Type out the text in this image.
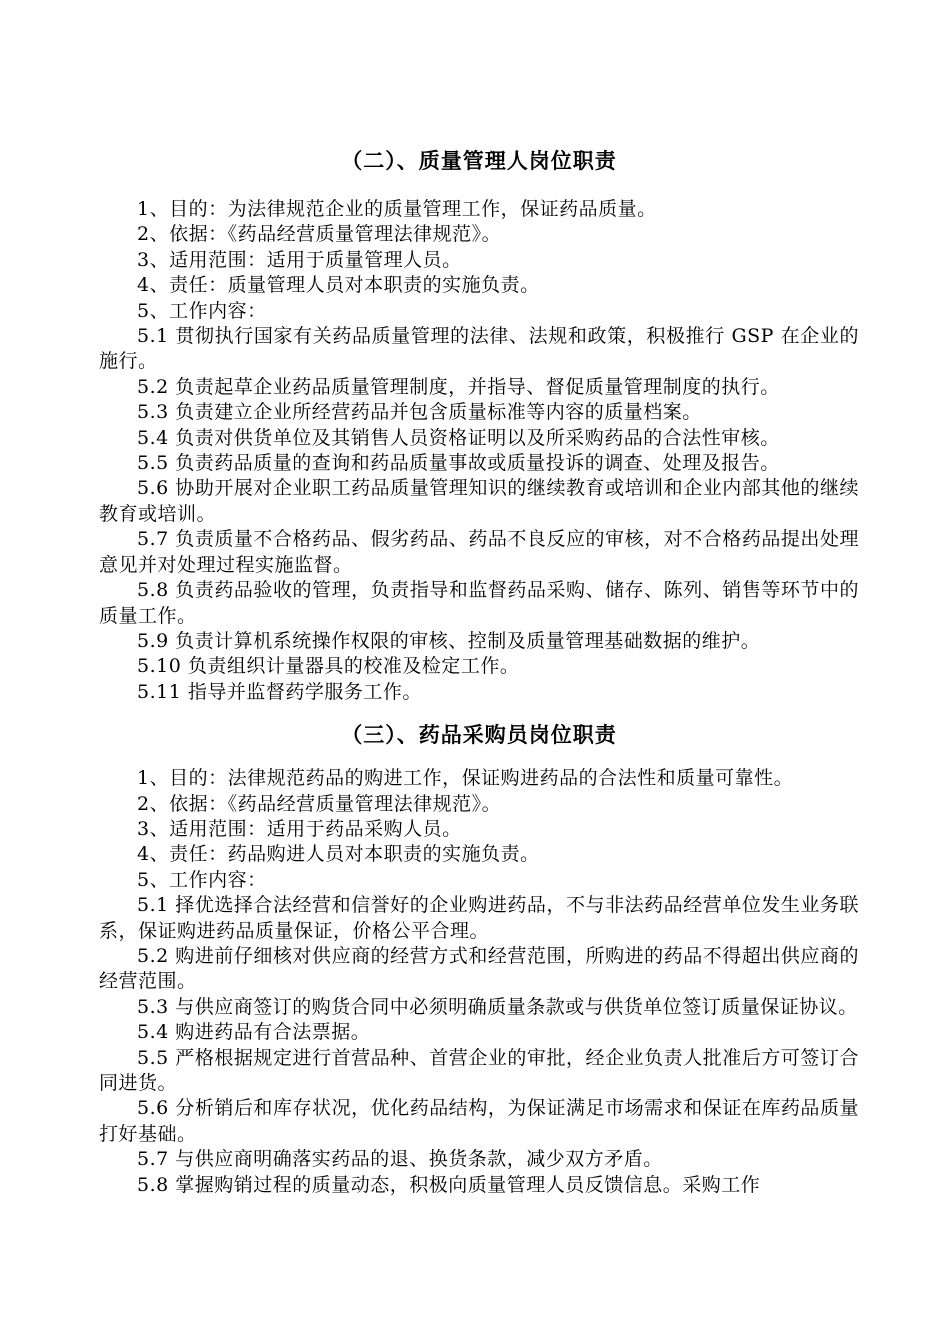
（二）、质量管理人岗位职责

1、目的：为法律规范企业的质量管理工作，保证药品质量。

2、依据：《药品经营质量管理法律规范》。

3、适用范围：适用于质量管理人员。

4、责任：质量管理人员对本职责的实施负责。

5、工作内容：

5.1 贯彻执行国家有关药品质量管理的法律、法规和政策，积极推行 GSP 在企业的施行。

5.2 负责起草企业药品质量管理制度，并指导、督促质量管理制度的执行。

5.3 负责建立企业所经营药品并包含质量标准等内容的质量档案。

5.4 负责对供货单位及其销售人员资格证明以及所采购药品的合法性审核。

5.5 负责药品质量的查询和药品质量事故或质量投诉的调查、处理及报告。

5.6 协助开展对企业职工药品质量管理知识的继续教育或培训和企业内部其他的继续教育或培训。

5.7 负责质量不合格药品、假劣药品、药品不良反应的审核，对不合格药品提出处理意见并对处理过程实施监督。

5.8 负责药品验收的管理，负责指导和监督药品采购、储存、陈列、销售等环节中的质量工作。

5.9 负责计算机系统操作权限的审核、控制及质量管理基础数据的维护。

5.10 负责组织计量器具的校准及检定工作。

5.11 指导并监督药学服务工作。

（三）、药品采购员岗位职责

1、目的：法律规范药品的购进工作，保证购进药品的合法性和质量可靠性。

2、依据：《药品经营质量管理法律规范》。

3、适用范围：适用于药品采购人员。

4、责任：药品购进人员对本职责的实施负责。

5、工作内容：

5.1 择优选择合法经营和信誉好的企业购进药品，不与非法药品经营单位发生业务联系，保证购进药品质量保证，价格公平合理。

5.2 购进前仔细核对供应商的经营方式和经营范围，所购进的药品不得超出供应商的经营范围。

5.3 与供应商签订的购货合同中必须明确质量条款或与供货单位签订质量保证协议。

5.4 购进药品有合法票据。

5.5 严格根据规定进行首营品种、首营企业的审批，经企业负责人批准后方可签订合同进货。

5.6 分析销后和库存状况，优化药品结构，为保证满足市场需求和保证在库药品质量打好基础。

5.7 与供应商明确落实药品的退、换货条款，减少双方矛盾。

5.8 掌握购销过程的质量动态，积极向质量管理人员反馈信息。采购工作
